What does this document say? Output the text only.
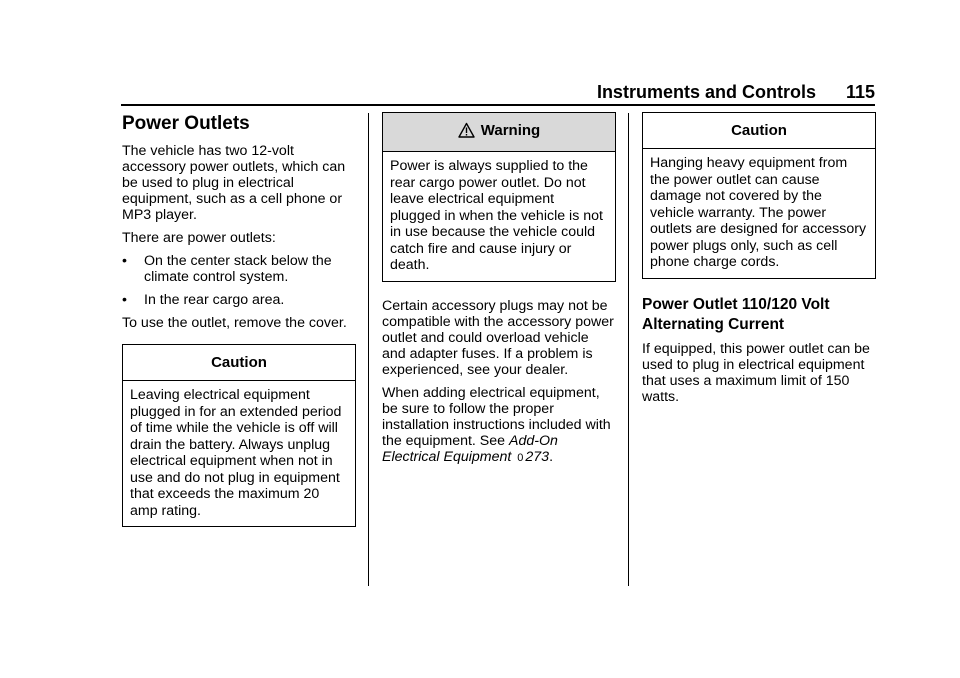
Instruments and Controls 115
Power Outlets

The vehicle has two 12-volt accessory power outlets, which can be used to plug in electrical equipment, such as a cell phone or MP3 player.

There are power outlets:

•	On the center stack below the climate control system.
•	In the rear cargo area.

To use the outlet, remove the cover.

Caution
Leaving electrical equipment plugged in for an extended period of time while the vehicle is off will drain the battery. Always unplug electrical equipment when not in use and do not plug in equipment that exceeds the maximum 20 amp rating.
Warning
Power is always supplied to the rear cargo power outlet. Do not leave electrical equipment plugged in when the vehicle is not in use because the vehicle could catch fire and cause injury or death.

Certain accessory plugs may not be compatible with the accessory power outlet and could overload vehicle and adapter fuses. If a problem is experienced, see your dealer.

When adding electrical equipment, be sure to follow the proper installation instructions included with the equipment. See Add-On Electrical Equipment 0 273.

Caution
Hanging heavy equipment from the power outlet can cause damage not covered by the vehicle warranty. The power outlets are designed for accessory power plugs only, such as cell phone charge cords.
Power Outlet 110/120 Volt Alternating Current

If equipped, this power outlet can be used to plug in electrical equipment that uses a maximum limit of 150 watts.
